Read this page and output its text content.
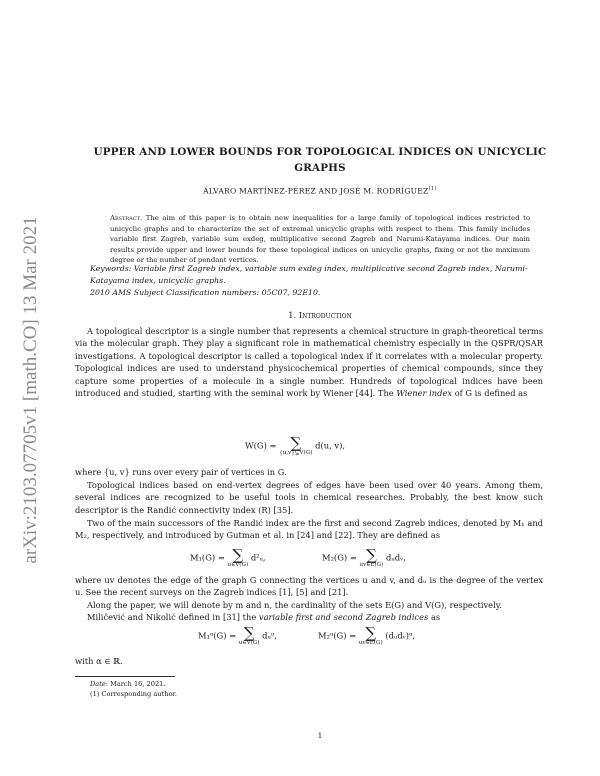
arXiv:2103.07705v1 [math.CO] 13 Mar 2021
UPPER AND LOWER BOUNDS FOR TOPOLOGICAL INDICES ON UNICYCLIC
GRAPHS
ÁLVARO MARTÍNEZ-PÉREZ AND JOSÉ M. RODRÍGUEZ$^{(1)}$
Abstract. The aim of this paper is to obtain new inequalities for a large family of topological indices restricted to unicyclic graphs and to characterize the set of extremal unicyclic graphs with respect to them. This family includes variable first Zagreb, variable sum exdeg, multiplicative second Zagreb and Narumi-Katayama indices. Our main results provide upper and lower bounds for these topological indices on unicyclic graphs, fixing or not the maximum degree or the number of pendant vertices.
Keywords: Variable first Zagreb index, variable sum exdeg index, multiplicative second Zagreb index, Narumi-Katayama index, unicyclic graphs.
2010 AMS Subject Classification numbers: 05C07, 92E10.
1. Introduction
A topological descriptor is a single number that represents a chemical structure in graph-theoretical terms via the molecular graph. They play a significant role in mathematical chemistry especially in the QSPR/QSAR investigations. A topological descriptor is called a topological index if it correlates with a molecular property. Topological indices are used to understand physicochemical properties of chemical compounds, since they capture some properties of a molecule in a single number. Hundreds of topological indices have been introduced and studied, starting with the seminal work by Wiener [44]. The Wiener index of G is defined as
W(G) = ∑
{u,v}⊆V(G)
d(u, v),
where {u, v} runs over every pair of vertices in G.
Topological indices based on end-vertex degrees of edges have been used over 40 years. Among them, several indices are recognized to be useful tools in chemical researches. Probably, the best know such descriptor is the Randić connectivity index (R) [35].
Two of the main successors of the Randić index are the first and second Zagreb indices, denoted by M₁ and M₂, respectively, and introduced by Gutman et al. in [24] and [22]. They are defined as
M₁(G) = ∑
u∈V(G)
d²ᵤ,	M₂(G) = ∑
uv∈E(G)
dᵤdᵥ,
where uv denotes the edge of the graph G connecting the vertices u and v, and dᵤ is the degree of the vertex u. See the recent surveys on the Zagreb indices [1], [5] and [21].
Along the paper, we will denote by m and n, the cardinality of the sets E(G) and V(G), respectively.
Miličević and Nikolić defined in [31] the variable first and second Zagreb indices as
M₁ᵅ(G) = ∑
u∈V(G)
dᵤᵅ,	M₂ᵅ(G) = ∑
uv∈E(G)
(dᵤdᵥ)ᵅ,
with α ∈ ℝ.
Date: March 16, 2021.
(1) Corresponding author.
1
